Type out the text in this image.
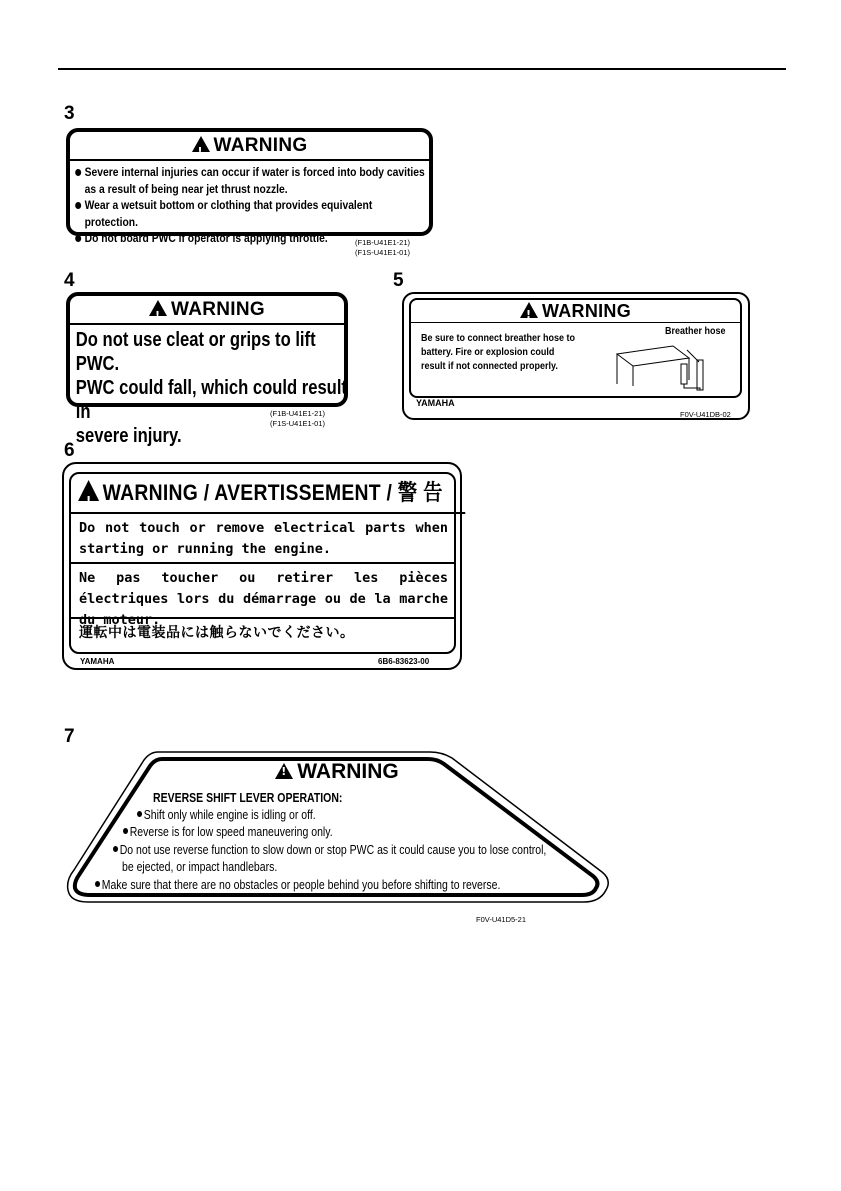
3
!WARNING
Severe internal injuries can occur if water is forced into body cavities
as a result of being near jet thrust nozzle.
Wear a wetsuit bottom or clothing that provides equivalent protection.
Do not board PWC if operator is applying throttle.	(F1B-U41E1-21)
(F1S-U41E1-01)
4
!WARNING
Do not use cleat or grips to lift PWC.
PWC could fall, which could result in
severe injury.
(F1B-U41E1-21)
(F1S-U41E1-01)
5
!WARNING
Be sure to connect breather hose to
battery. Fire or explosion could
result if not connected properly.
Breather hose
YAMAHA
F0V-U41DB-02
6
!WARNING / AVERTISSEMENT / 警 告
Do not touch or remove electrical parts when starting or running the engine.
Ne pas toucher ou retirer les pièces électriques lors du démarrage ou de la marche du moteur.
運転中は電装品には触らないでください。
YAMAHA	6B6-83623-00
7
!WARNING
REVERSE SHIFT LEVER OPERATION:
Shift only while engine is idling or off.
Reverse is for low speed maneuvering only.
Do not use reverse function to slow down or stop PWC as it could cause you to lose control,
be ejected, or impact handlebars.
Make sure that there are no obstacles or people behind you before shifting to reverse.
F0V-U41D5-21
